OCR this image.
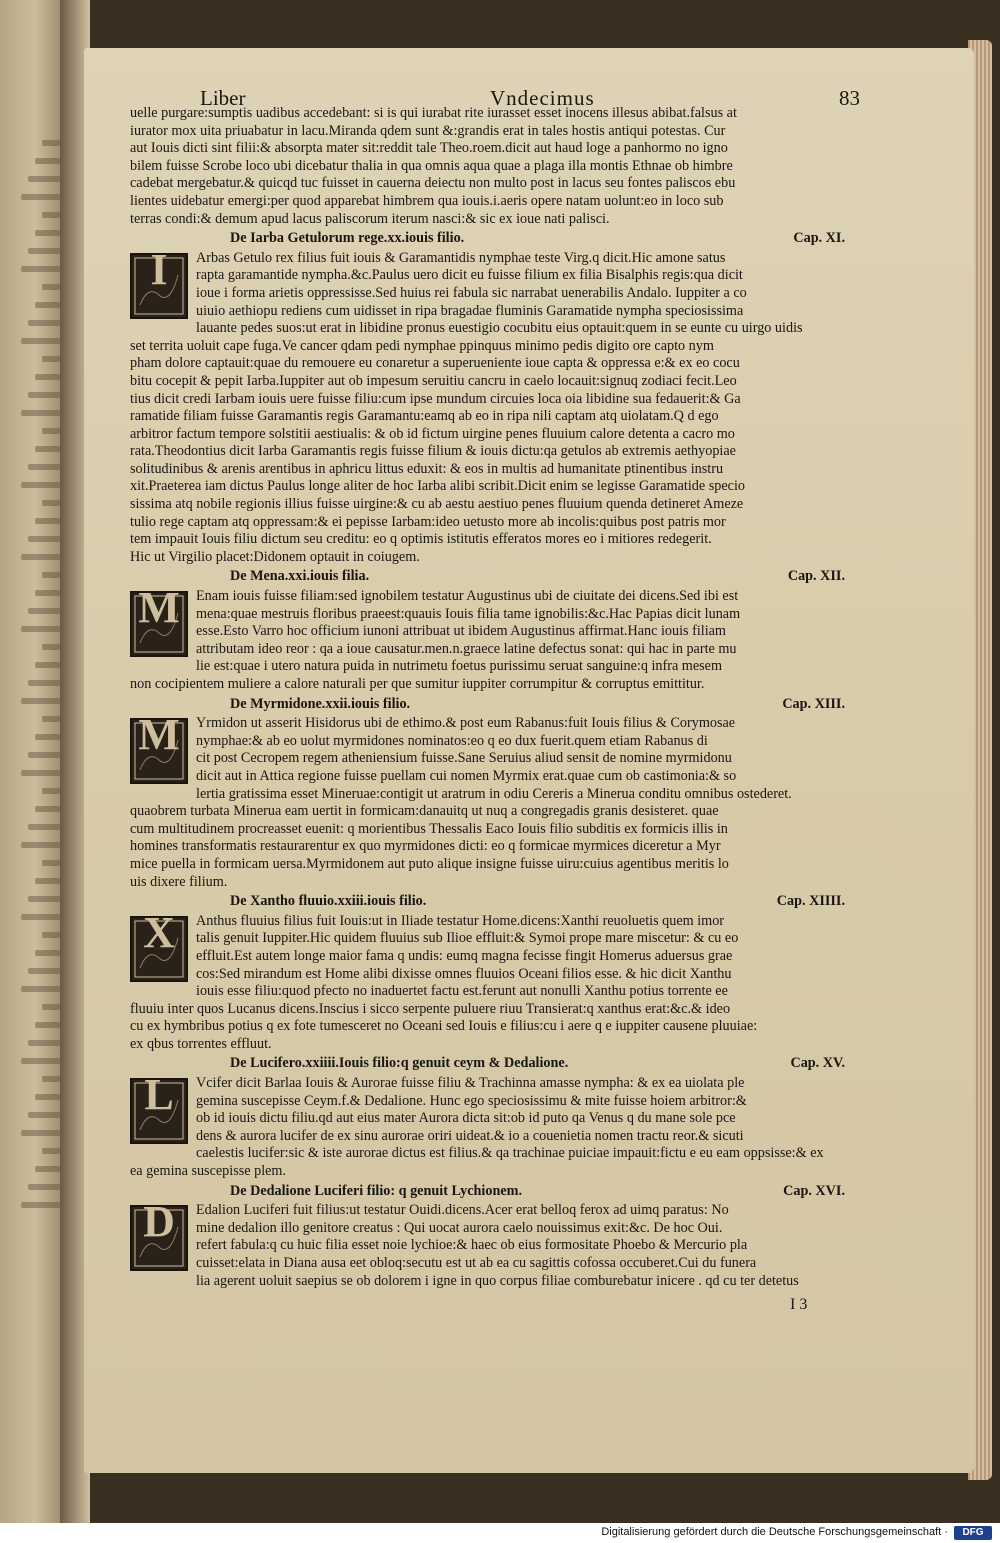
Liber	Vndecimus	83

uelle purgare:sumptis uadibus accedebant: si is qui iurabat rite iurasset esset inocens illesus abibat.falsus at

iurator mox uita priuabatur in lacu.Miranda qdem sunt &:grandis erat in tales hostis antiqui potestas. Cur

aut Iouis dicti sint filii:& absorpta mater sit:reddit tale Theo.roem.dicit aut haud loge a panhormo no igno

bilem fuisse Scrobe loco ubi dicebatur thalia in qua omnis aqua quae a plaga illa montis Ethnae ob himbre

cadebat mergebatur.& quicqd tuc fuisset in cauerna deiectu non multo post in lacus seu fontes paliscos ebu

lientes uidebatur emergi:per quod apparebat himbrem qua iouis.i.aeris opere natam uolunt:eo in loco sub

terras condi:& demum apud lacus paliscorum iterum nasci:& sic ex ioue nati palisci.

De Iarba Getulorum rege.xx.iouis filio.	Cap. XI.
I	Arbas Getulo rex filius fuit iouis & Garamantidis nymphae teste Virg.q dicit.Hic amone satus

rapta garamantide nympha.&c.Paulus uero dicit eu fuisse filium ex filia Bisalphis regis:qua dicit

ioue i forma arietis oppressisse.Sed huius rei fabula sic narrabat uenerabilis Andalo. Iuppiter a co

uiuio aethiopu rediens cum uidisset in ripa bragadae fluminis Garamatide nympha speciosissima

lauante pedes suos:ut erat in libidine pronus euestigio cocubitu eius optauit:quem in se eunte cu uirgo uidis

set territa uoluit cape fuga.Ve cancer qdam pedi nymphae ppinquus minimo pedis digito ore capto nym

pham dolore captauit:quae du remouere eu conaretur a superueniente ioue capta & oppressa e:& ex eo cocu

bitu cocepit & pepit Iarba.Iuppiter aut ob impesum seruitiu cancru in caelo locauit:signuq zodiaci fecit.Leo

tius dicit credi Iarbam iouis uere fuisse filiu:cum ipse mundum circuies loca oia libidine sua fedauerit:& Ga

ramatide filiam fuisse Garamantis regis Garamantu:eamq ab eo in ripa nili captam atq uiolatam.Q d ego

arbitror factum tempore solstitii aestiualis: & ob id fictum uirgine penes fluuium calore detenta a cacro mo

rata.Theodontius dicit Iarba Garamantis regis fuisse filium & iouis dictu:qa getulos ab extremis aethyopiae

solitudinibus & arenis arentibus in aphricu littus eduxit: & eos in multis ad humanitate ptinentibus instru

xit.Praeterea iam dictus Paulus longe aliter de hoc Iarba alibi scribit.Dicit enim se legisse Garamatide specio

sissima atq nobile regionis illius fuisse uirgine:& cu ab aestu aestiuo penes fluuium quenda detineret Ameze

tulio rege captam atq oppressam:& ei pepisse Iarbam:ideo uetusto more ab incolis:quibus post patris mor

tem impauit Iouis filiu dictum seu creditu: eo q optimis istitutis efferatos mores eo i mitiores redegerit.

Hic ut Virgilio placet:Didonem optauit in coiugem.

De Mena.xxi.iouis filia.	Cap. XII.
M	Enam iouis fuisse filiam:sed ignobilem testatur Augustinus ubi de ciuitate dei dicens.Sed ibi est

mena:quae mestruis floribus praeest:quauis Iouis filia tame ignobilis:&c.Hac Papias dicit lunam

esse.Esto Varro hoc officium iunoni attribuat ut ibidem Augustinus affirmat.Hanc iouis filiam

attributam ideo reor : qa a ioue causatur.men.n.graece latine defectus sonat: qui hac in parte mu

lie est:quae i utero natura puida in nutrimetu foetus purissimu seruat sanguine:q infra mesem

non cocipientem muliere a calore naturali per que sumitur iuppiter corrumpitur & corruptus emittitur.

De Myrmidone.xxii.iouis filio.	Cap. XIII.
M	Yrmidon ut asserit Hisidorus ubi de ethimo.& post eum Rabanus:fuit Iouis filius & Corymosae

nymphae:& ab eo uolut myrmidones nominatos:eo q eo dux fuerit.quem etiam Rabanus di

cit post Cecropem regem atheniensium fuisse.Sane Seruius aliud sensit de nomine myrmidonu

dicit aut in Attica regione fuisse puellam cui nomen Myrmix erat.quae cum ob castimonia:& so

lertia gratissima esset Mineruae:contigit ut aratrum in odiu Cereris a Minerua conditu omnibus ostederet.

quaobrem turbata Minerua eam uertit in formicam:danauitq ut nuq a congregadis granis desisteret. quae

cum multitudinem procreasset euenit: q morientibus Thessalis Eaco Iouis filio subditis ex formicis illis in

homines transformatis restaurarentur ex quo myrmidones dicti: eo q formicae myrmices diceretur a Myr

mice puella in formicam uersa.Myrmidonem aut puto alique insigne fuisse uiru:cuius agentibus meritis lo

uis dixere filium.

De Xantho fluuio.xxiii.iouis filio.	Cap. XIIII.
X	Anthus fluuius filius fuit Iouis:ut in Iliade testatur Home.dicens:Xanthi reuoluetis quem imor

talis genuit Iuppiter.Hic quidem fluuius sub Ilioe effluit:& Symoi prope mare miscetur: & cu eo

effluit.Est autem longe maior fama q undis: eumq magna fecisse fingit Homerus aduersus grae

cos:Sed mirandum est Home alibi dixisse omnes fluuios Oceani filios esse. & hic dicit Xanthu

iouis esse filiu:quod pfecto no inaduertet factu est.ferunt aut nonulli Xanthu potius torrente ee

fluuiu inter quos Lucanus dicens.Inscius i sicco serpente puluere riuu Transierat:q xanthus erat:&c.& ideo

cu ex hymbribus potius q ex fote tumesceret no Oceani sed Iouis e filius:cu i aere q e iuppiter causene pluuiae:

ex qbus torrentes effluut.

De Lucifero.xxiiii.Iouis filio:q genuit ceym & Dedalione.	Cap. XV.
L	Vcifer dicit Barlaa Iouis & Aurorae fuisse filiu & Trachinna amasse nympha: & ex ea uiolata ple

gemina suscepisse Ceym.f.& Dedalione. Hunc ego speciosissimu & mite fuisse hoiem arbitror:&

ob id iouis dictu filiu.qd aut eius mater Aurora dicta sit:ob id puto qa Venus q du mane sole pce

dens & aurora lucifer de ex sinu aurorae oriri uideat.& io a couenietia nomen tractu reor.& sicuti

caelestis lucifer:sic & iste aurorae dictus est filius.& qa trachinae puiciae impauit:fictu e eu eam oppsisse:& ex

ea gemina suscepisse plem.

De Dedalione Luciferi filio: q genuit Lychionem.	Cap. XVI.
D	Edalion Luciferi fuit filius:ut testatur Ouidi.dicens.Acer erat belloq ferox ad uimq paratus: No

mine dedalion illo genitore creatus : Qui uocat aurora caelo nouissimus exit:&c. De hoc Oui.

refert fabula:q cu huic filia esset noie lychioe:& haec ob eius formositate Phoebo & Mercurio pla

cuisset:elata in Diana ausa eet obloq:secutu est ut ab ea cu sagittis cofossa occuberet.Cui du funera

lia agerent uoluit saepius se ob dolorem i igne in quo corpus filiae comburebatur inicere . qd cu ter detetus

I 3
Digitalisierung gefördert durch die Deutsche Forschungsgemeinschaft ·	DFG
